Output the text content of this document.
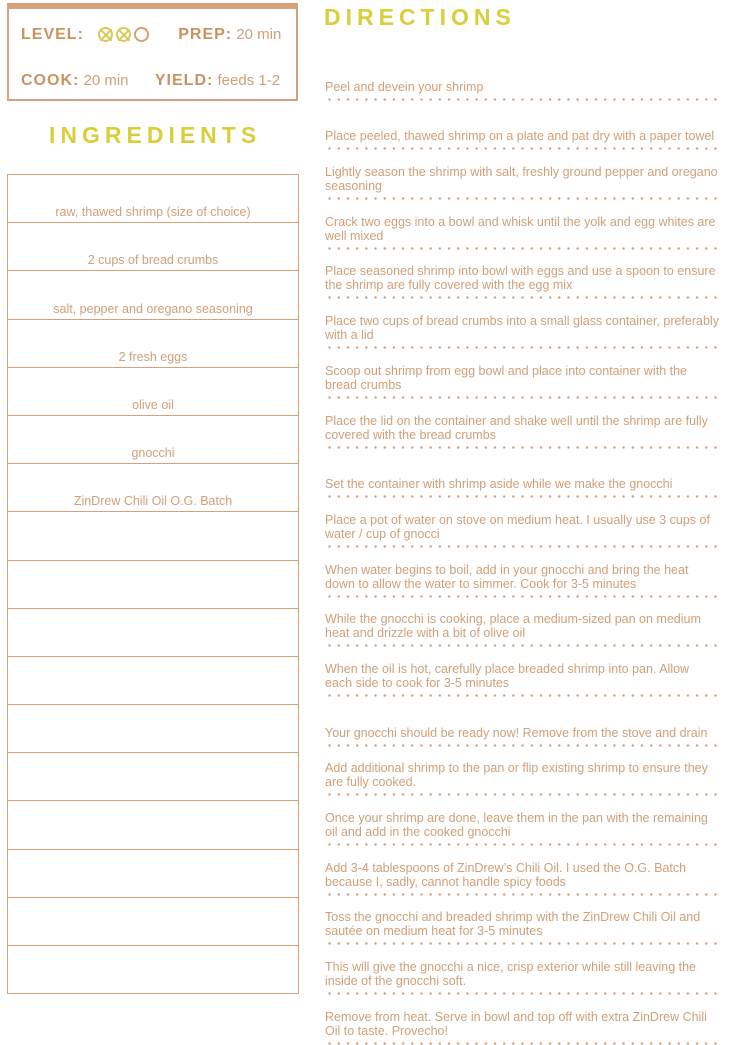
LEVEL:	PREP: 20 min
COOK: 20 min YIELD: feeds 1-2
INGREDIENTS
raw, thawed shrimp (size of choice)
2 cups of bread crumbs
salt, pepper and oregano seasoning
2 fresh eggs
olive oil
gnocchi
ZinDrew Chili Oil O.G. Batch
DIRECTIONS
Peel and devein your shrimp
Place peeled, thawed shrimp on a plate and pat dry with a paper towel
Lightly season the shrimp with salt, freshly ground pepper and oregano seasoning
Crack two eggs into a bowl and whisk until the yolk and egg whites are well mixed
Place seasoned shrimp into bowl with eggs and use a spoon to ensure the shrimp are fully covered with the egg mix
Place two cups of bread crumbs into a small glass container, preferably with a lid
Scoop out shrimp from egg bowl and place into container with the bread crumbs
Place the lid on the container and shake well until the shrimp are fully covered with the bread crumbs
Set the container with shrimp aside while we make the gnocchi
Place a pot of water on stove on medium heat. I usually use 3 cups of water / cup of gnocci
When water begins to boil, add in your gnocchi and bring the heat down to allow the water to simmer. Cook for 3-5 minutes
While the gnocchi is cooking, place a medium-sized pan on medium heat and drizzle with a bit of olive oil
When the oil is hot, carefully place breaded shrimp into pan. Allow each side to cook for 3-5 minutes
Your gnocchi should be ready now! Remove from the stove and drain
Add additional shrimp to the pan or flip existing shrimp to ensure they are fully cooked.
Once your shrimp are done, leave them in the pan with the remaining oil and add in the cooked gnocchi
Add 3-4 tablespoons of ZinDrew’s Chili Oil. I used the O.G. Batch because I, sadly, cannot handle spicy foods
Toss the gnocchi and breaded shrimp with the ZinDrew Chili Oil and sautée on medium heat for 3-5 minutes
This will give the gnocchi a nice, crisp exterior while still leaving the inside of the gnocchi soft.
Remove from heat. Serve in bowl and top off with extra ZinDrew Chili Oil to taste. Provecho!
